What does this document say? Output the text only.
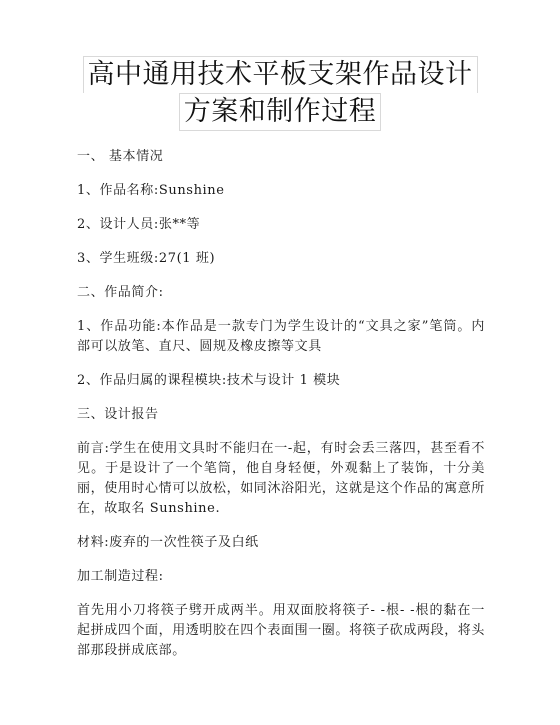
高中通用技术平板支架作品设计
方案和制作过程

一、 基本情况

1、作品名称:Sunshine

2、设计人员:张**等

3、学生班级:27(1 班)

二、作品简介:

1、作品功能:本作品是一款专门为学生设计的“文具之家”笔筒。内部可以放笔、直尺、圆规及橡皮擦等文具

2、作品归属的课程模块:技术与设计 1 模块

三、设计报告

前言:学生在使用文具时不能归在一-起，有时会丢三落四，甚至看不见。于是设计了一个笔筒，他自身轻便，外观黏上了装饰，十分美丽，使用时心情可以放松，如同沐浴阳光，这就是这个作品的寓意所在，故取名 Sunshine.

材料:废弃的一次性筷子及白纸

加工制造过程:

首先用小刀将筷子劈开成两半。用双面胶将筷子- -根- -根的黏在一起拼成四个面，用透明胶在四个表面围一圈。将筷子砍成两段，将头部那段拼成底部。
